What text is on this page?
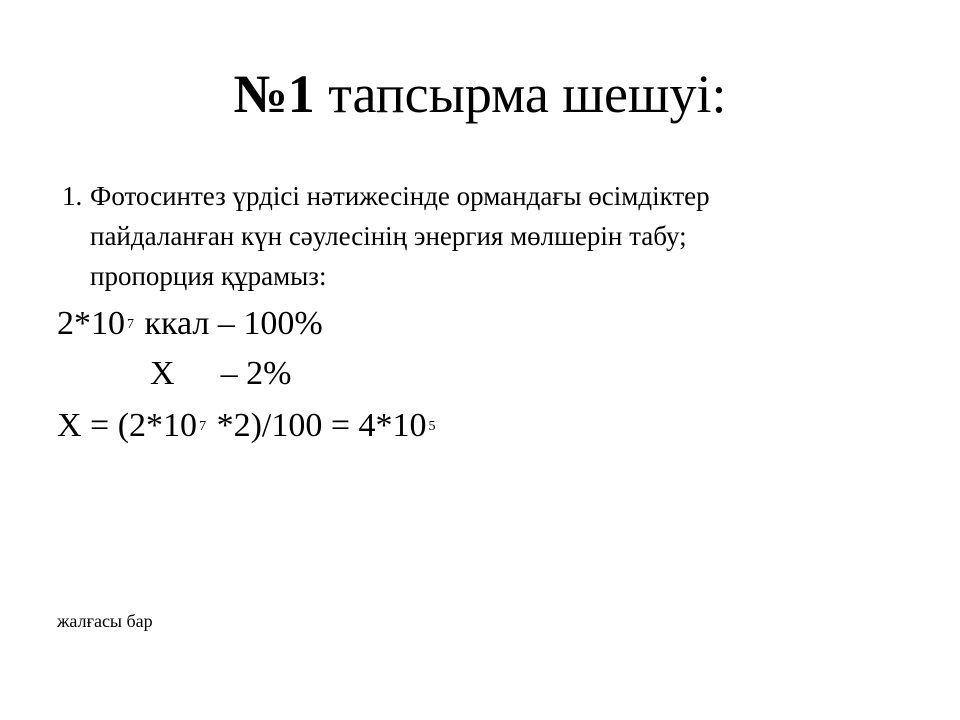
№1 тапсырма шешуі:
1. Фотосинтез үрдісі нәтижесінде ормандағы өсімдіктер
пайдаланған күн сәулесінің энергия мөлшерін табу;
пропорция құрамыз:
2*10 $^7$ ккал – 100%
X – 2%
X = (2*10 $^7$ *2)/100 = 4*10 $^5$
жалғасы бар
